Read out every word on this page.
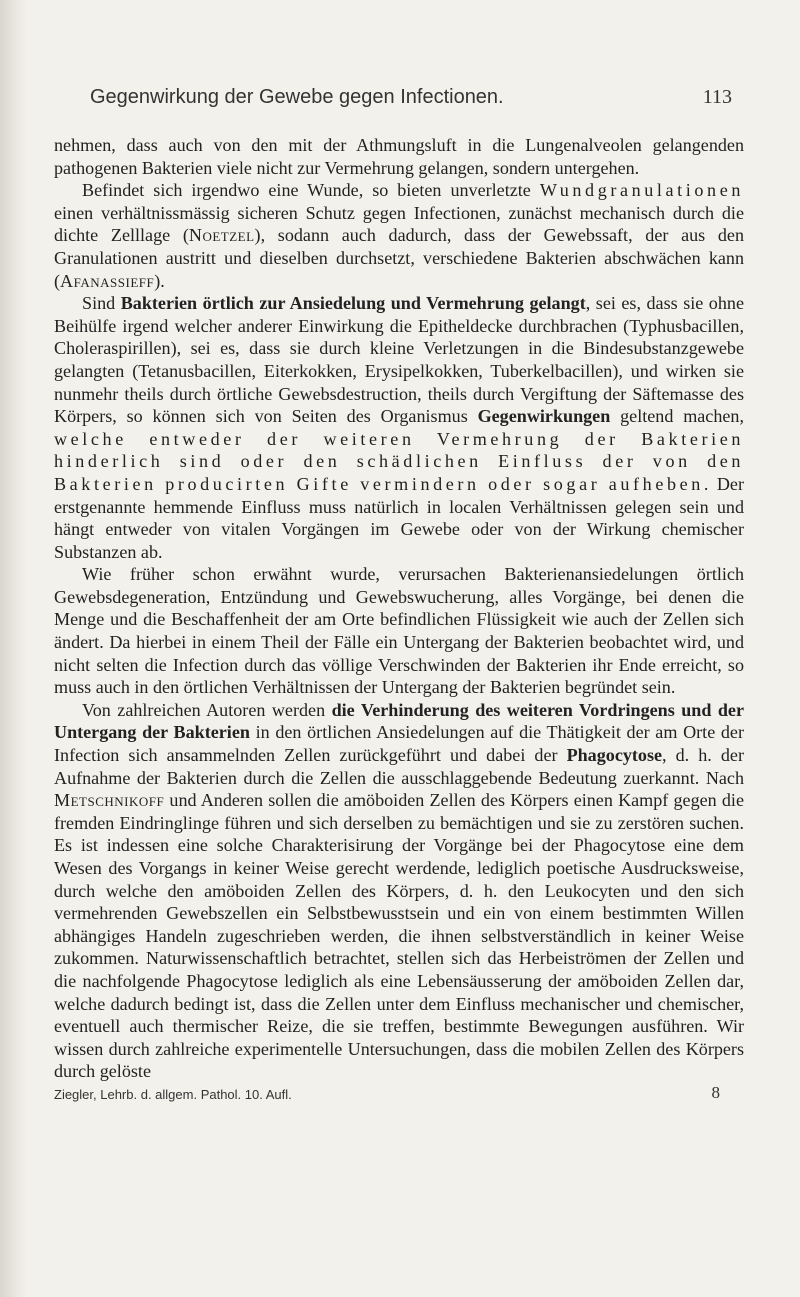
Gegenwirkung der Gewebe gegen Infectionen.	113

nehmen, dass auch von den mit der Athmungsluft in die Lungenalveolen gelangenden pathogenen Bakterien viele nicht zur Vermehrung gelangen, sondern untergehen.

Befindet sich irgendwo eine Wunde, so bieten unverletzte Wundgranulationen einen verhältnissmässig sicheren Schutz gegen Infectionen, zunächst mechanisch durch die dichte Zelllage (Noetzel), sodann auch dadurch, dass der Gewebssaft, der aus den Granulationen austritt und dieselben durchsetzt, verschiedene Bakterien abschwächen kann (Afanassieff).

Sind Bakterien örtlich zur Ansiedelung und Vermehrung gelangt, sei es, dass sie ohne Beihülfe irgend welcher anderer Einwirkung die Epitheldecke durchbrachen (Typhusbacillen, Choleraspirillen), sei es, dass sie durch kleine Verletzungen in die Bindesubstanzgewebe gelangten (Tetanusbacillen, Eiterkokken, Erysipelkokken, Tuberkelbacillen), und wirken sie nunmehr theils durch örtliche Gewebsdestruction, theils durch Vergiftung der Säftemasse des Körpers, so können sich von Seiten des Organismus Gegenwirkungen geltend machen, welche entweder der weiteren Vermehrung der Bakterien hinderlich sind oder den schädlichen Einfluss der von den Bakterien producirten Gifte vermindern oder sogar aufheben. Der erstgenannte hemmende Einfluss muss natürlich in localen Verhältnissen gelegen sein und hängt entweder von vitalen Vorgängen im Gewebe oder von der Wirkung chemischer Substanzen ab.

Wie früher schon erwähnt wurde, verursachen Bakterienansiedelungen örtlich Gewebsdegeneration, Entzündung und Gewebswucherung, alles Vorgänge, bei denen die Menge und die Beschaffenheit der am Orte befindlichen Flüssigkeit wie auch der Zellen sich ändert. Da hierbei in einem Theil der Fälle ein Untergang der Bakterien beobachtet wird, und nicht selten die Infection durch das völlige Verschwinden der Bakterien ihr Ende erreicht, so muss auch in den örtlichen Verhältnissen der Untergang der Bakterien begründet sein.

Von zahlreichen Autoren werden die Verhinderung des weiteren Vordringens und der Untergang der Bakterien in den örtlichen Ansiedelungen auf die Thätigkeit der am Orte der Infection sich ansammelnden Zellen zurückgeführt und dabei der Phagocytose, d. h. der Aufnahme der Bakterien durch die Zellen die ausschlaggebende Bedeutung zuerkannt. Nach Metschnikoff und Anderen sollen die amöboiden Zellen des Körpers einen Kampf gegen die fremden Eindringlinge führen und sich derselben zu bemächtigen und sie zu zerstören suchen. Es ist indessen eine solche Charakterisirung der Vorgänge bei der Phagocytose eine dem Wesen des Vorgangs in keiner Weise gerecht werdende, lediglich poetische Ausdrucksweise, durch welche den amöboiden Zellen des Körpers, d. h. den Leukocyten und den sich vermehrenden Gewebszellen ein Selbstbewusstsein und ein von einem bestimmten Willen abhängiges Handeln zugeschrieben werden, die ihnen selbstverständlich in keiner Weise zukommen. Naturwissenschaftlich betrachtet, stellen sich das Herbeiströmen der Zellen und die nachfolgende Phagocytose lediglich als eine Lebensäusserung der amöboiden Zellen dar, welche dadurch bedingt ist, dass die Zellen unter dem Einfluss mechanischer und chemischer, eventuell auch thermischer Reize, die sie treffen, bestimmte Bewegungen ausführen. Wir wissen durch zahlreiche experimentelle Untersuchungen, dass die mobilen Zellen des Körpers durch gelöste

Ziegler, Lehrb. d. allgem. Pathol. 10. Aufl.	8
